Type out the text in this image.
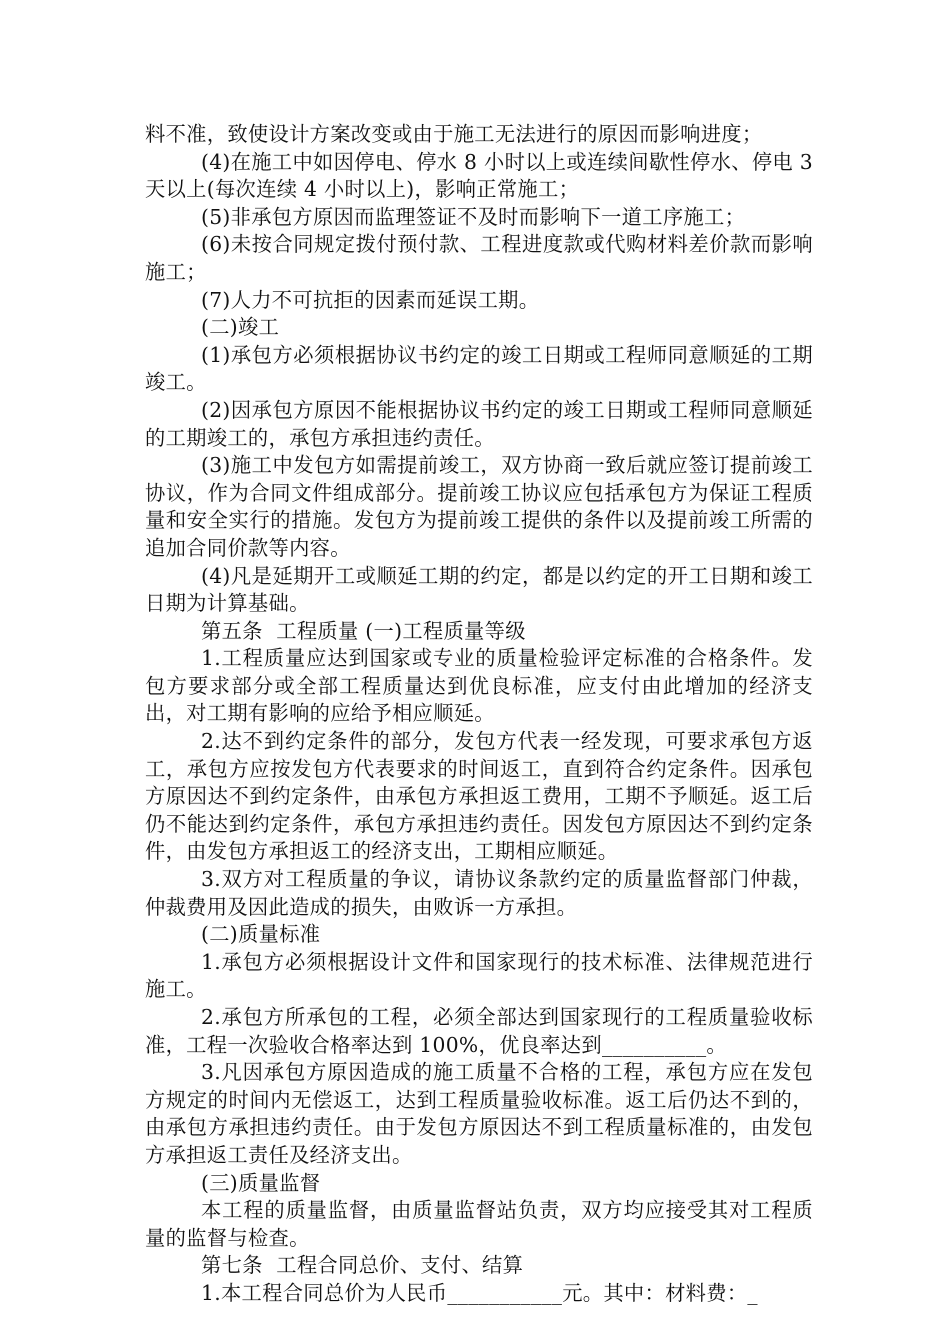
料不准，致使设计方案改变或由于施工无法进行的原因而影响进度；

(4)在施工中如因停电、停水 8 小时以上或连续间歇性停水、停电 3 天以上(每次连续 4 小时以上)，影响正常施工；

(5)非承包方原因而监理签证不及时而影响下一道工序施工；

(6)未按合同规定拨付预付款、工程进度款或代购材料差价款而影响施工；

(7)人力不可抗拒的因素而延误工期。

(二)竣工

(1)承包方必须根据协议书约定的竣工日期或工程师同意顺延的工期竣工。

(2)因承包方原因不能根据协议书约定的竣工日期或工程师同意顺延的工期竣工的，承包方承担违约责任。

(3)施工中发包方如需提前竣工，双方协商一致后就应签订提前竣工协议，作为合同文件组成部分。提前竣工协议应包括承包方为保证工程质量和安全实行的措施。发包方为提前竣工提供的条件以及提前竣工所需的追加合同价款等内容。

(4)凡是延期开工或顺延工期的约定，都是以约定的开工日期和竣工日期为计算基础。

第五条  工程质量 (一)工程质量等级

1.工程质量应达到国家或专业的质量检验评定标准的合格条件。发包方要求部分或全部工程质量达到优良标准，应支付由此增加的经济支出，对工期有影响的应给予相应顺延。

2.达不到约定条件的部分，发包方代表一经发现，可要求承包方返工，承包方应按发包方代表要求的时间返工，直到符合约定条件。因承包方原因达不到约定条件，由承包方承担返工费用，工期不予顺延。返工后仍不能达到约定条件，承包方承担违约责任。因发包方原因达不到约定条件，由发包方承担返工的经济支出，工期相应顺延。

3.双方对工程质量的争议，请协议条款约定的质量监督部门仲裁，仲裁费用及因此造成的损失，由败诉一方承担。

(二)质量标准

1.承包方必须根据设计文件和国家现行的技术标准、法律规范进行施工。

2.承包方所承包的工程，必须全部达到国家现行的工程质量验收标准，工程一次验收合格率达到 100%，优良率达到__________。

3.凡因承包方原因造成的施工质量不合格的工程，承包方应在发包方规定的时间内无偿返工，达到工程质量验收标准。返工后仍达不到的，由承包方承担违约责任。由于发包方原因达不到工程质量标准的，由发包方承担返工责任及经济支出。

(三)质量监督

本工程的质量监督，由质量监督站负责，双方均应接受其对工程质量的监督与检查。

第七条  工程合同总价、支付、结算

1.本工程合同总价为人民币___________元。其中：材料费：_
